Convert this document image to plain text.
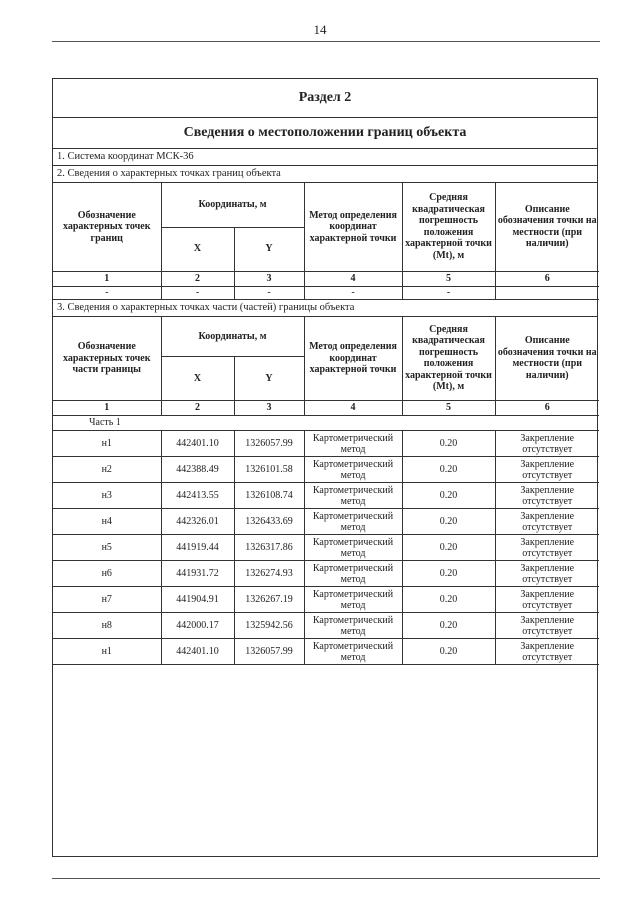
14
Раздел 2
Сведения о местоположении границ объекта
1. Система координат МСК-36
2. Сведения о характерных точках границ объекта
Обозначение характерных точек границ	Координаты, м		Метод определения координат характерной точки	Средняя квадратическая погрешность положения характерной точки (Mt), м	Описание обозначения точки на местности (при наличии)
	X	Y			
1	2	3	4	5	6
-	-	-	-	-	
3. Сведения о характерных точках части (частей) границы объекта
Обозначение характерных точек части границы	Координаты, м		Метод определения координат характерной точки	Средняя квадратическая погрешность положения характерной точки (Mt), м	Описание обозначения точки на местности (при наличии)
	X	Y			
1	2	3	4	5	6
Часть 1					
н1	442401.10	1326057.99	Картометрический метод	0.20	Закрепление отсутствует
н2	442388.49	1326101.58	Картометрический метод	0.20	Закрепление отсутствует
н3	442413.55	1326108.74	Картометрический метод	0.20	Закрепление отсутствует
н4	442326.01	1326433.69	Картометрический метод	0.20	Закрепление отсутствует
н5	441919.44	1326317.86	Картометрический метод	0.20	Закрепление отсутствует
н6	441931.72	1326274.93	Картометрический метод	0.20	Закрепление отсутствует
н7	441904.91	1326267.19	Картометрический метод	0.20	Закрепление отсутствует
н8	442000.17	1325942.56	Картометрический метод	0.20	Закрепление отсутствует
н1	442401.10	1326057.99	Картометрический метод	0.20	Закрепление отсутствует
